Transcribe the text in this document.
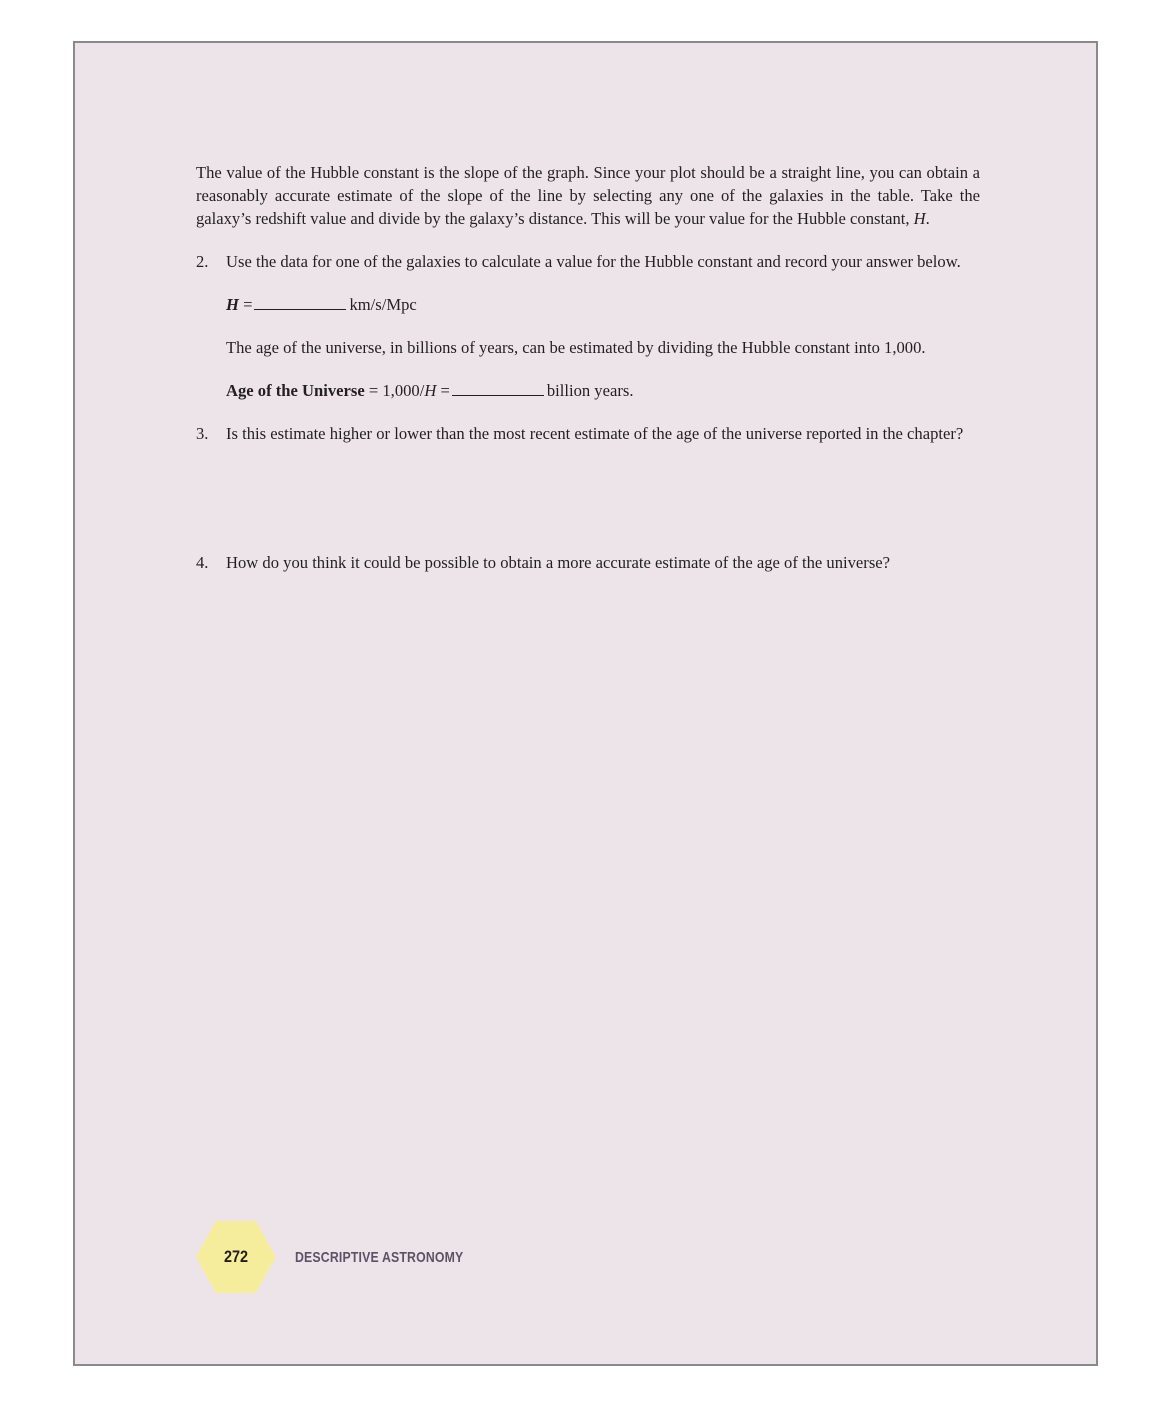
The value of the Hubble constant is the slope of the graph. Since your plot should be a straight line, you can obtain a reasonably accurate estimate of the slope of the line by selecting any one of the galaxies in the table. Take the galaxy’s redshift value and divide by the galaxy’s distance. This will be your value for the Hubble constant, H.

2.	Use the data for one of the galaxies to calculate a value for the Hubble constant and record your answer below.

H =	km/s/Mpc

The age of the universe, in billions of years, can be estimated by dividing the Hubble constant into 1,000.

Age of the Universe = 1,000/H =	billion years.

3.	Is this estimate higher or lower than the most recent estimate of the age of the universe reported in the chapter?

4.	How do you think it could be possible to obtain a more accurate estimate of the age of the universe?

272	DESCRIPTIVE ASTRONOMY
